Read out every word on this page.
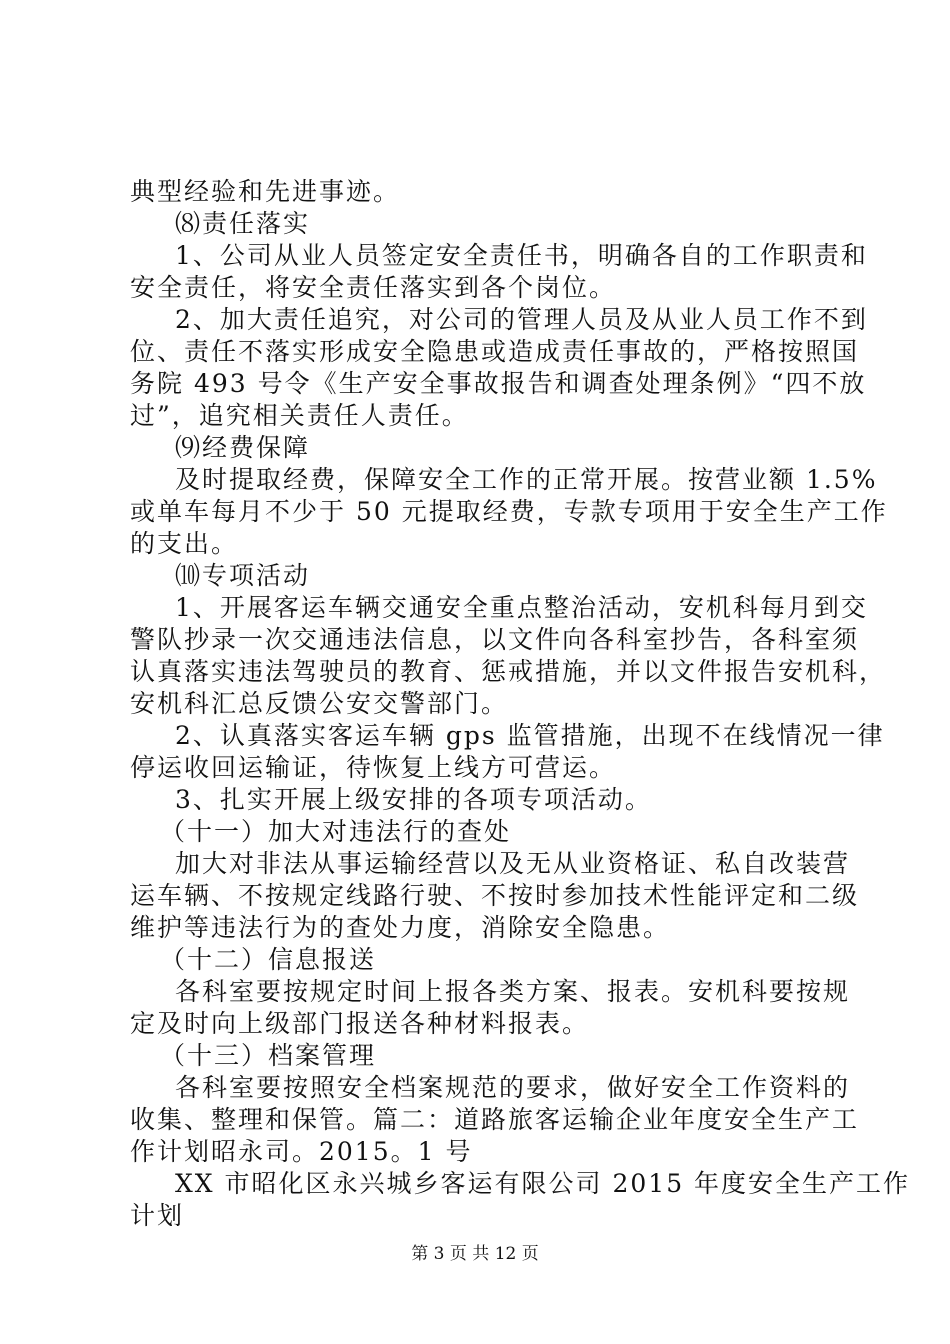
典型经验和先进事迹。
⑻责任落实
1、公司从业人员签定安全责任书，明确各自的工作职责和
安全责任，将安全责任落实到各个岗位。
2、加大责任追究，对公司的管理人员及从业人员工作不到
位、责任不落实形成安全隐患或造成责任事故的，严格按照国
务院 493 号令《生产安全事故报告和调查处理条例》“四不放
过”，追究相关责任人责任。
⑼经费保障
及时提取经费，保障安全工作的正常开展。按营业额 1.5%
或单车每月不少于 50 元提取经费，专款专项用于安全生产工作
的支出。
⑽专项活动
1、开展客运车辆交通安全重点整治活动，安机科每月到交
警队抄录一次交通违法信息，以文件向各科室抄告，各科室须
认真落实违法驾驶员的教育、惩戒措施，并以文件报告安机科，
安机科汇总反馈公安交警部门。
2、认真落实客运车辆 gps 监管措施，出现不在线情况一律
停运收回运输证，待恢复上线方可营运。
3、扎实开展上级安排的各项专项活动。
（十一）加大对违法行的查处
加大对非法从事运输经营以及无从业资格证、私自改装营
运车辆、不按规定线路行驶、不按时参加技术性能评定和二级
维护等违法行为的查处力度，消除安全隐患。
（十二）信息报送
各科室要按规定时间上报各类方案、报表。安机科要按规
定及时向上级部门报送各种材料报表。
（十三）档案管理
各科室要按照安全档案规范的要求，做好安全工作资料的
收集、整理和保管。篇二：道路旅客运输企业年度安全生产工
作计划昭永司。2015。1 号
XX 市昭化区永兴城乡客运有限公司 2015 年度安全生产工作
计划
第 3 页 共 12 页
